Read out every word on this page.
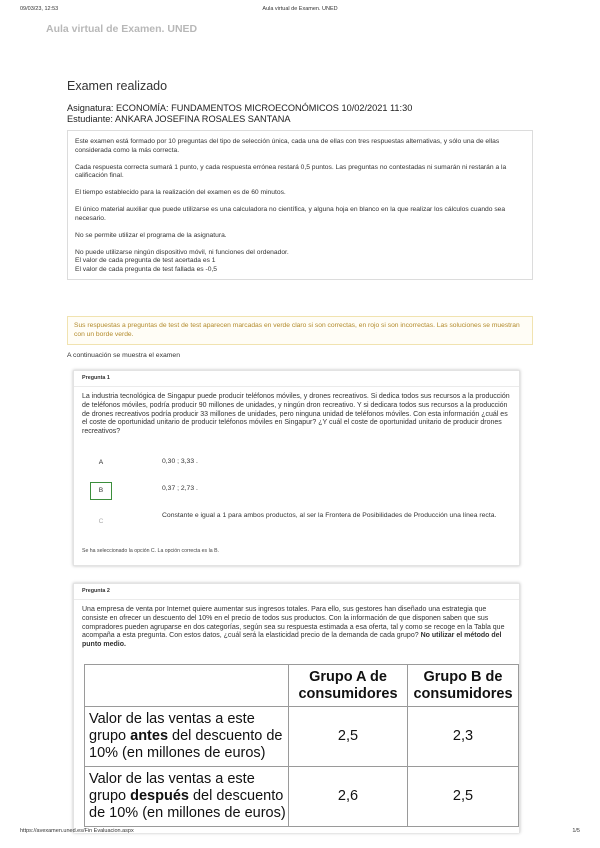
09/03/23, 12:53	Aula virtual de Examen. UNED
Aula virtual de Examen. UNED
Examen realizado
Asignatura: ECONOMÍA: FUNDAMENTOS MICROECONÓMICOS 10/02/2021 11:30
Estudiante: ANKARA JOSEFINA ROSALES SANTANA

Este examen está formado por 10 preguntas del tipo de selección única, cada una de ellas con tres respuestas alternativas, y sólo una de ellas considerada como la más correcta.

Cada respuesta correcta sumará 1 punto, y cada respuesta errónea restará 0,5 puntos. Las preguntas no contestadas ni sumarán ni restarán a la calificación final.

El tiempo establecido para la realización del examen es de 60 minutos.

El único material auxiliar que puede utilizarse es una calculadora no científica, y alguna hoja en blanco en la que realizar los cálculos cuando sea necesario.

No se permite utilizar el programa de la asignatura.

No puede utilizarse ningún dispositivo móvil, ni funciones del ordenador.

El valor de cada pregunta de test acertada es 1

El valor de cada pregunta de test fallada es -0,5

Sus respuestas a preguntas de test de test aparecen marcadas en verde claro si son correctas, en rojo si son incorrectas. Las soluciones se muestran con un borde verde.
A continuación se muestra el examen
Pregunta 1
La industria tecnológica de Singapur puede producir teléfonos móviles, y drones recreativos. Si dedica todos sus recursos a la producción de teléfonos móviles, podría producir 90 millones de unidades, y ningún dron recreativo. Y si dedicara todos sus recursos a la producción de drones recreativos podría producir 33 millones de unidades, pero ninguna unidad de teléfonos móviles. Con esta información ¿cuál es el coste de oportunidad unitario de producir teléfonos móviles en Singapur? ¿Y cuál el coste de oportunidad unitario de producir drones recreativos?
A	0,30 ; 3,33 .
B	0,37 ; 2,73 .
C
Constante e igual a 1 para ambos productos, al ser la Frontera de Posibilidades de Producción una línea recta.
Se ha seleccionado la opción C. La opción correcta es la B.
Pregunta 2
Una empresa de venta por Internet quiere aumentar sus ingresos totales. Para ello, sus gestores han diseñado una estrategia que consiste en ofrecer un descuento del 10% en el precio de todos sus productos. Con la información de que disponen saben que sus compradores pueden agruparse en dos categorías, según sea su respuesta estimada a esa oferta, tal y como se recoge en la Tabla que acompaña a esta pregunta. Con estos datos, ¿cuál será la elasticidad precio de la demanda de cada grupo? No utilizar el método del punto medio.
	Grupo A de consumidores	Grupo B de consumidores
Valor de las ventas a este grupo antes del descuento de 10% (en millones de euros)	2,5	2,3
Valor de las ventas a este grupo después del descuento de 10% (en millones de euros)	2,6	2,5
https://avexamen.uned.es/Fin Evaluacion.aspx	1/5
